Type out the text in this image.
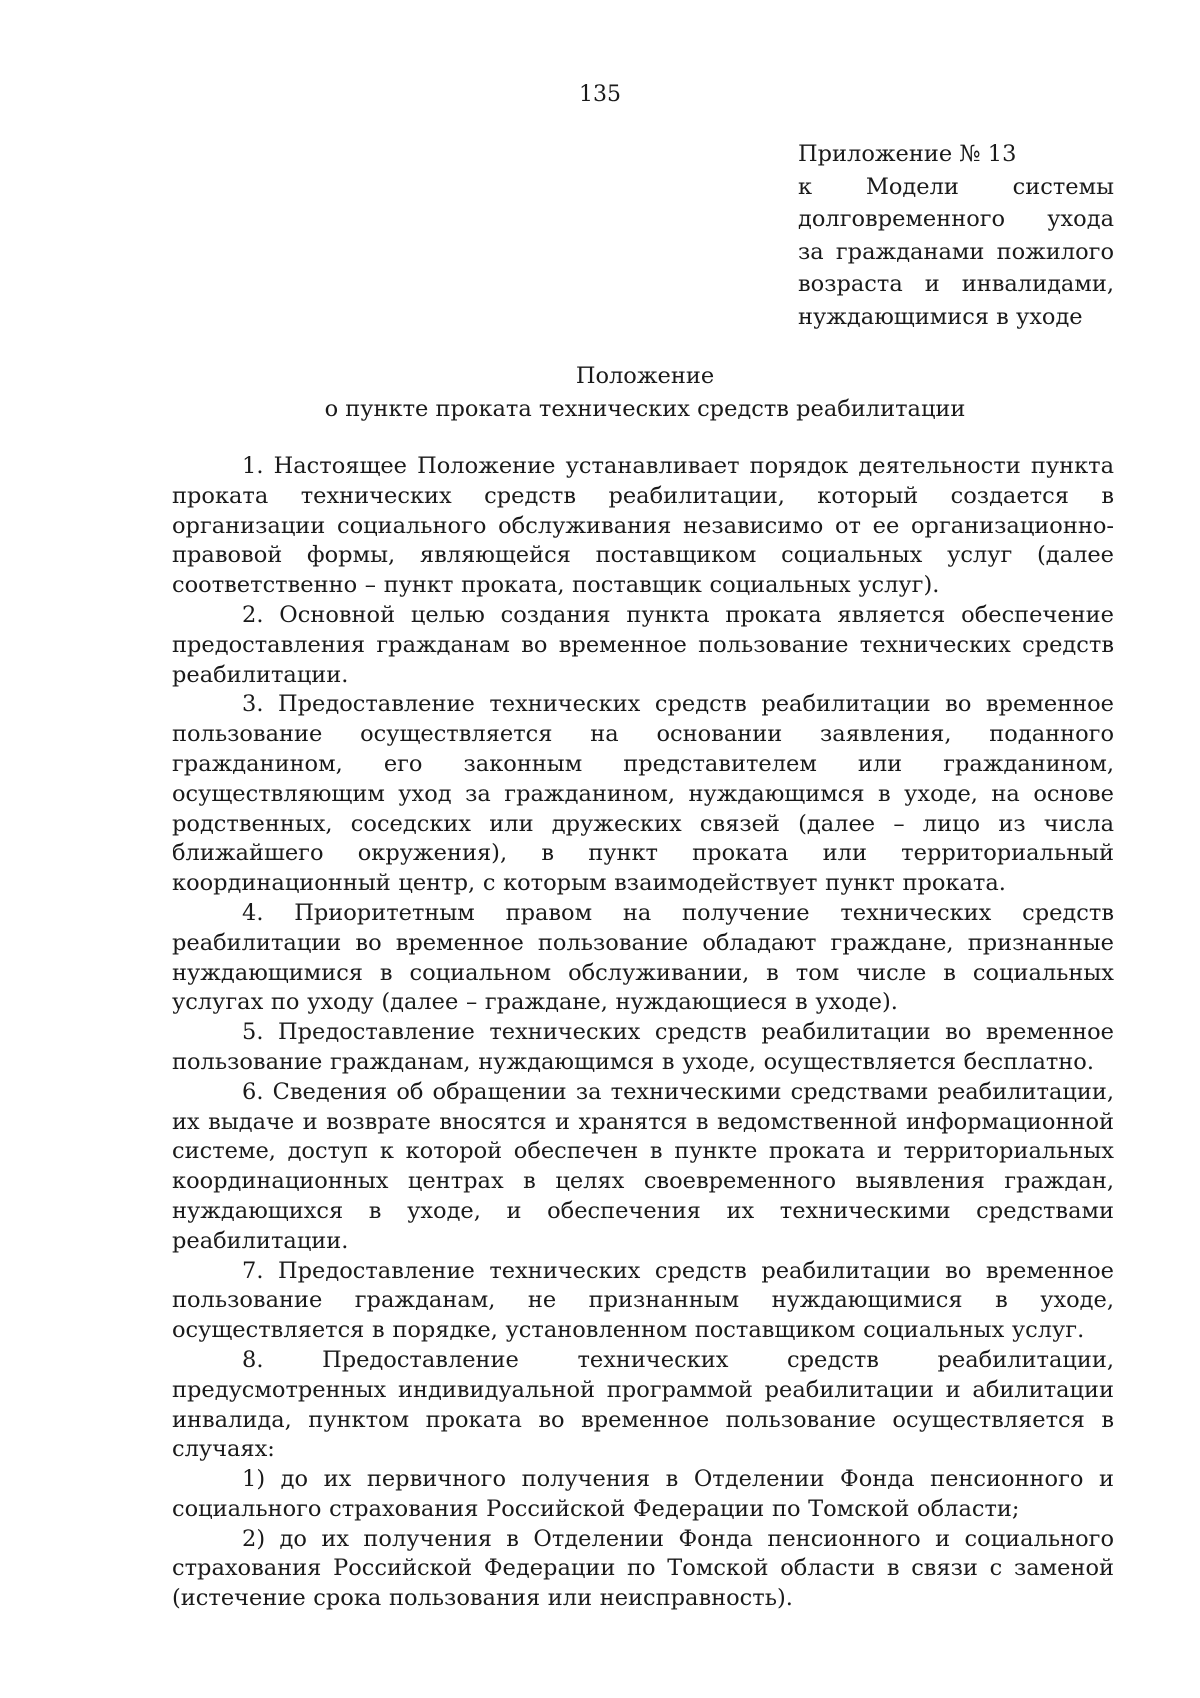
135
Приложение № 13
к Модели системы
долговременного ухода
за гражданами пожилого
возраста и инвалидами,
нуждающимися в уходе
Положение
о пункте проката технических средств реабилитации

1. Настоящее Положение устанавливает порядок деятельности пункта проката технических средств реабилитации, который создается в организации социального обслуживания независимо от ее организационно-правовой формы, являющейся поставщиком социальных услуг (далее соответственно – пункт проката, поставщик социальных услуг).

2. Основной целью создания пункта проката является обеспечение предоставления гражданам во временное пользование технических средств реабилитации.

3. Предоставление технических средств реабилитации во временное пользование осуществляется на основании заявления, поданного гражданином, его законным представителем или гражданином, осуществляющим уход за гражданином, нуждающимся в уходе, на основе родственных, соседских или дружеских связей (далее – лицо из числа ближайшего окружения), в пункт проката или территориальный координационный центр, с которым взаимодействует пункт проката.

4. Приоритетным правом на получение технических средств реабилитации во временное пользование обладают граждане, признанные нуждающимися в социальном обслуживании, в том числе в социальных услугах по уходу (далее – граждане, нуждающиеся в уходе).

5. Предоставление технических средств реабилитации во временное пользование гражданам, нуждающимся в уходе, осуществляется бесплатно.

6. Сведения об обращении за техническими средствами реабилитации, их выдаче и возврате вносятся и хранятся в ведомственной информационной системе, доступ к которой обеспечен в пункте проката и территориальных координационных центрах в целях своевременного выявления граждан, нуждающихся в уходе, и обеспечения их техническими средствами реабилитации.

7. Предоставление технических средств реабилитации во временное пользование гражданам, не признанным нуждающимися в уходе, осуществляется в порядке, установленном поставщиком социальных услуг.

8. Предоставление технических средств реабилитации, предусмотренных индивидуальной программой реабилитации и абилитации инвалида, пунктом проката во временное пользование осуществляется в случаях:

1) до их первичного получения в Отделении Фонда пенсионного и социального страхования Российской Федерации по Томской области;

2) до их получения в Отделении Фонда пенсионного и социального страхования Российской Федерации по Томской области в связи с заменой (истечение срока пользования или неисправность).
